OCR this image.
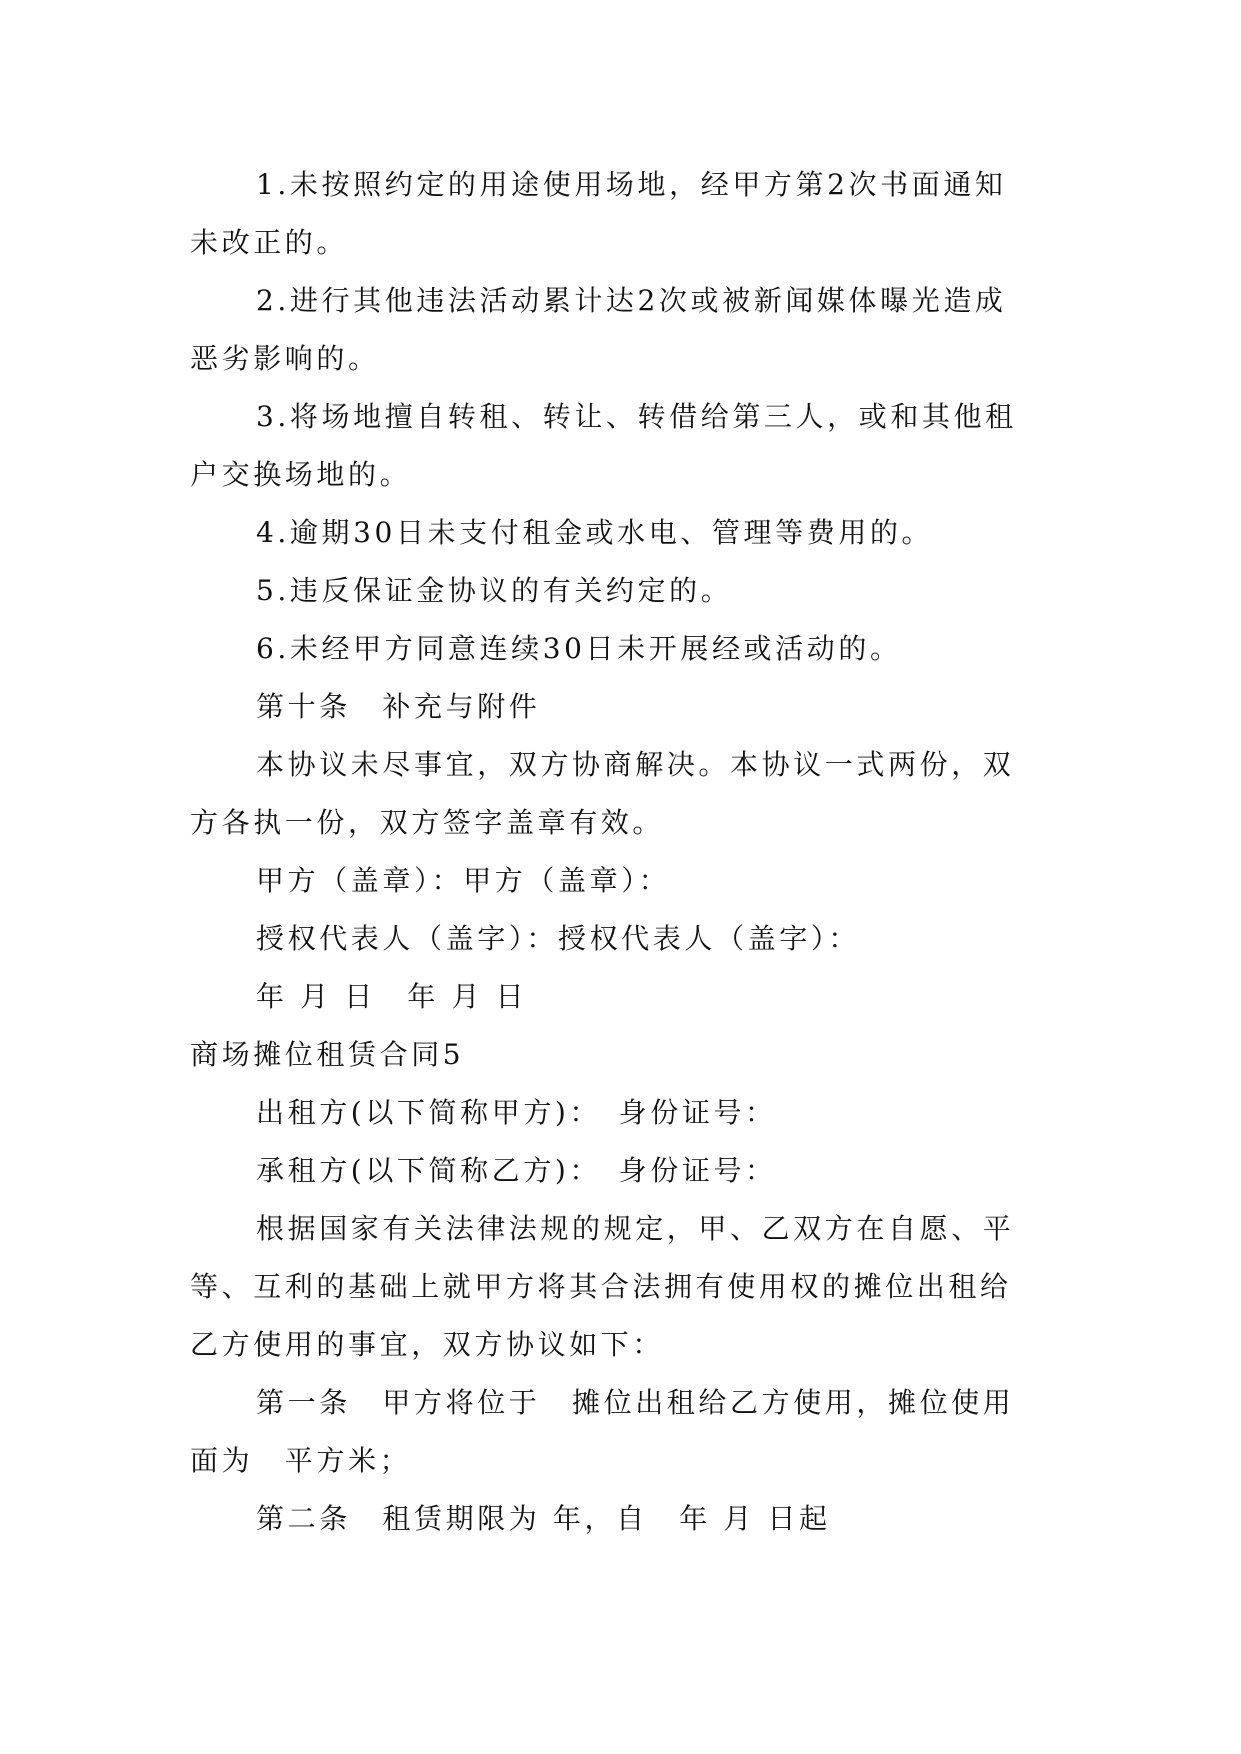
1.未按照约定的用途使用场地，经甲方第2次书面通知
未改正的。
2.进行其他违法活动累计达2次或被新闻媒体曝光造成
恶劣影响的。
3.将场地擅自转租、转让、转借给第三人，或和其他租
户交换场地的。
4.逾期30日未支付租金或水电、管理等费用的。
5.违反保证金协议的有关约定的。
6.未经甲方同意连续30日未开展经或活动的。
第十条　补充与附件
本协议未尽事宜，双方协商解决。本协议一式两份，双
方各执一份，双方签字盖章有效。
甲方（盖章）：甲方（盖章）：
授权代表人（盖字）：授权代表人（盖字）：
年 月 日　年 月 日
商场摊位租赁合同5
出租方(以下简称甲方)：　身份证号：
承租方(以下简称乙方)：　身份证号：
根据国家有关法律法规的规定，甲、乙双方在自愿、平
等、互利的基础上就甲方将其合法拥有使用权的摊位出租给
乙方使用的事宜，双方协议如下：
第一条　甲方将位于　摊位出租给乙方使用，摊位使用
面为　平方米；
第二条　租赁期限为 年，自　年 月 日起
